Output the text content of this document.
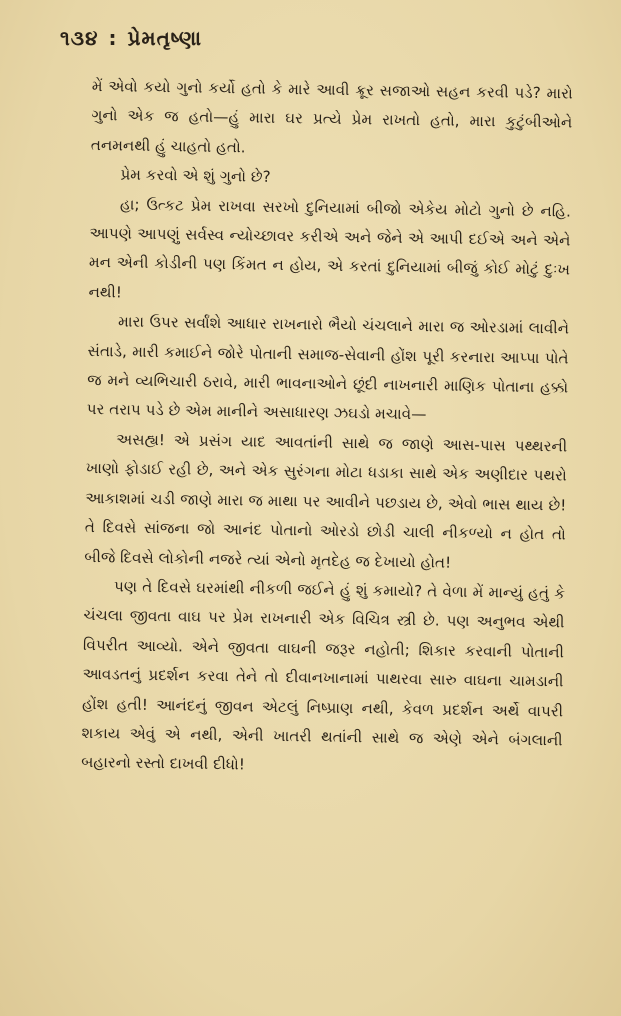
૧૩૪ : પ્રેમતૃષ્ણા

મેં એવો કયો ગુનો કર્યો હતો કે મારે આવી ક્રૂર સજાઓ સહન કરવી પડે? મારો ગુનો એક જ હતો—હું મારા ઘર પ્રત્યે પ્રેમ રાખતો હતો, મારા કુટુંબીઓને તનમનથી હું ચાહતો હતો.

પ્રેમ કરવો એ શું ગુનો છે?

હા; ઉત્કટ પ્રેમ રાખવા સરખો દુનિયામાં બીજો એકેય મોટો ગુનો છે નહિ. આપણે આપણું સર્વસ્વ ન્યોચ્છાવર કરીએ અને જેને એ આપી દઈએ અને એને મન એની કોડીની પણ કિંમત ન હોય, એ કરતાં દુનિયામાં બીજું કોઈ મોટું દુઃખ નથી!

મારા ઉપર સર્વાંશે આધાર રાખનારો ભૈયો ચંચલાને મારા જ ઓરડામાં લાવીને સંતાડે, મારી કમાઈને જોરે પોતાની સમાજ-સેવાની હોંશ પૂરી કરનારા આપ્પા પોતે જ મને વ્યભિચારી ઠરાવે, મારી ભાવનાઓને છૂંદી નાખનારી માણિક પોતાના હક્કો પર તરાપ પડે છે એમ માનીને અસાધારણ ઝઘડો મચાવે—

અસહ્ય! એ પ્રસંગ યાદ આવતાંની સાથે જ જાણે આસ-પાસ પથ્થરની ખાણો ફોડાઈ રહી છે, અને એક સુરંગના મોટા ધડાકા સાથે એક અણીદાર પથરો આકાશમાં ચડી જાણે મારા જ માથા પર આવીને પછડાય છે, એવો ભાસ થાય છે! તે દિવસે સાંજના જો આનંદ પોતાનો ઓરડો છોડી ચાલી નીકળ્યો ન હોત તો બીજે દિવસે લોકોની નજરે ત્યાં એનો મૃતદેહ જ દેખાયો હોત!

પણ તે દિવસે ઘરમાંથી નીકળી જઈને હું શું કમાયો? તે વેળા મેં માન્યું હતું કે ચંચલા જીવતા વાઘ પર પ્રેમ રાખનારી એક વિચિત્ર સ્ત્રી છે. પણ અનુભવ એથી વિપરીત આવ્યો. એને જીવતા વાઘની જરૂર નહોતી; શિકાર કરવાની પોતાની આવડતનું પ્રદર્શન કરવા તેને તો દીવાનખાનામાં પાથરવા સારુ વાઘના ચામડાની હોંશ હતી! આનંદનું જીવન એટલું નિષ્પ્રાણ નથી, કેવળ પ્રદર્શન અર્થે વાપરી શકાય એવું એ નથી, એની ખાતરી થતાંની સાથે જ એણે એને બંગલાની બહારનો રસ્તો દાખવી દીધો!
